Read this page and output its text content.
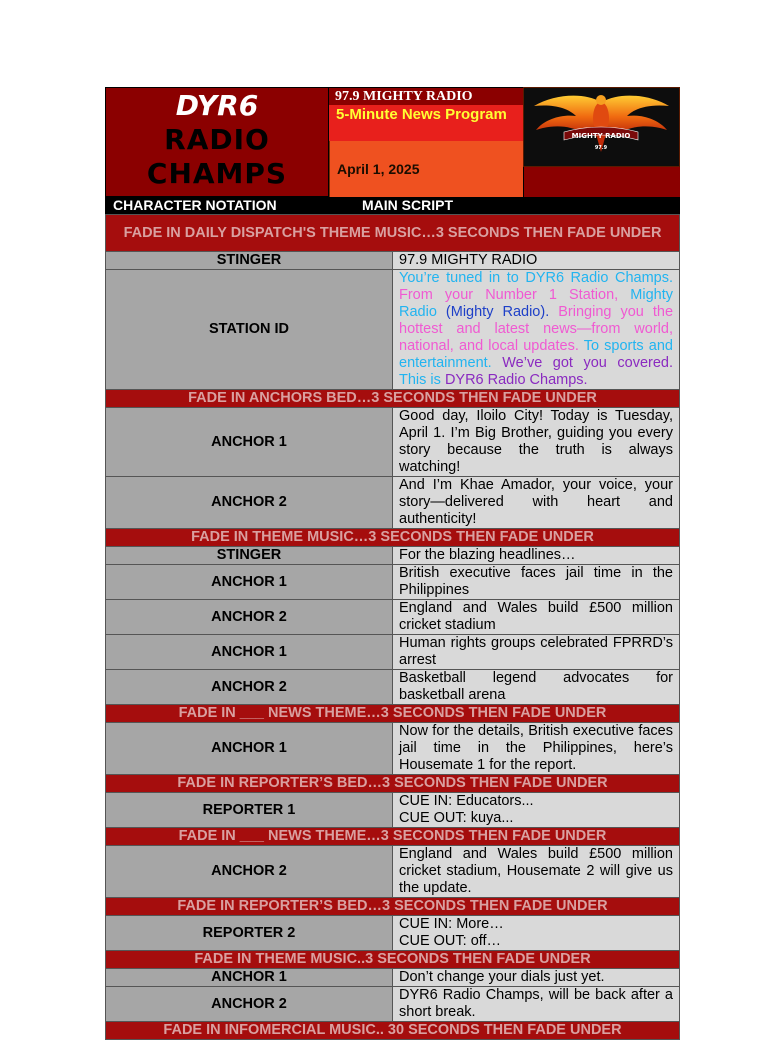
DYR6
RADIO
CHAMPS
97.9 MIGHTY RADIO
5-Minute News Program
April 1, 2025
MIGHTY RADIO
97.9
CHARACTER NOTATION	MAIN SCRIPT
FADE IN DAILY DISPATCH'S THEME MUSIC…3 SECONDS THEN FADE UNDER	
STINGER	97.9 MIGHTY RADIO
STATION ID	You’re tuned in to DYR6 Radio Champs. From your Number 1 Station, Mighty Radio (Mighty Radio). Bringing you the hottest and latest news—from world, national, and local updates. To sports and entertainment. We’ve got you covered. This is DYR6 Radio Champs.
FADE IN ANCHORS BED…3 SECONDS THEN FADE UNDER	
ANCHOR 1	Good day, Iloilo City! Today is Tuesday, April 1. I’m Big Brother, guiding you every story because the truth is always watching!
ANCHOR 2	And I’m Khae Amador, your voice, your story—delivered with heart and authenticity!
FADE IN THEME MUSIC…3 SECONDS THEN FADE UNDER	
STINGER	For the blazing headlines…
ANCHOR 1	British executive faces jail time in the Philippines
ANCHOR 2	England and Wales build £500 million cricket stadium
ANCHOR 1	Human rights groups celebrated FPRRD’s arrest
ANCHOR 2	Basketball legend advocates for basketball arena
FADE IN ___ NEWS THEME…3 SECONDS THEN FADE UNDER	
ANCHOR 1	Now for the details, British executive faces jail time in the Philippines, here’s Housemate 1 for the report.
FADE IN REPORTER’S BED…3 SECONDS THEN FADE UNDER	
REPORTER 1	CUE IN: Educators...
CUE OUT: kuya...

FADE IN ___ NEWS THEME…3 SECONDS THEN FADE UNDER	
ANCHOR 2	England and Wales build £500 million cricket stadium, Housemate 2 will give us the update.
FADE IN REPORTER’S BED…3 SECONDS THEN FADE UNDER	
REPORTER 2	CUE IN: More…
CUE OUT: off…

FADE IN THEME MUSIC..3 SECONDS THEN FADE UNDER	
ANCHOR 1	Don’t change your dials just yet.
ANCHOR 2	DYR6 Radio Champs, will be back after a short break.
FADE IN INFOMERCIAL MUSIC.. 30 SECONDS THEN FADE UNDER	
